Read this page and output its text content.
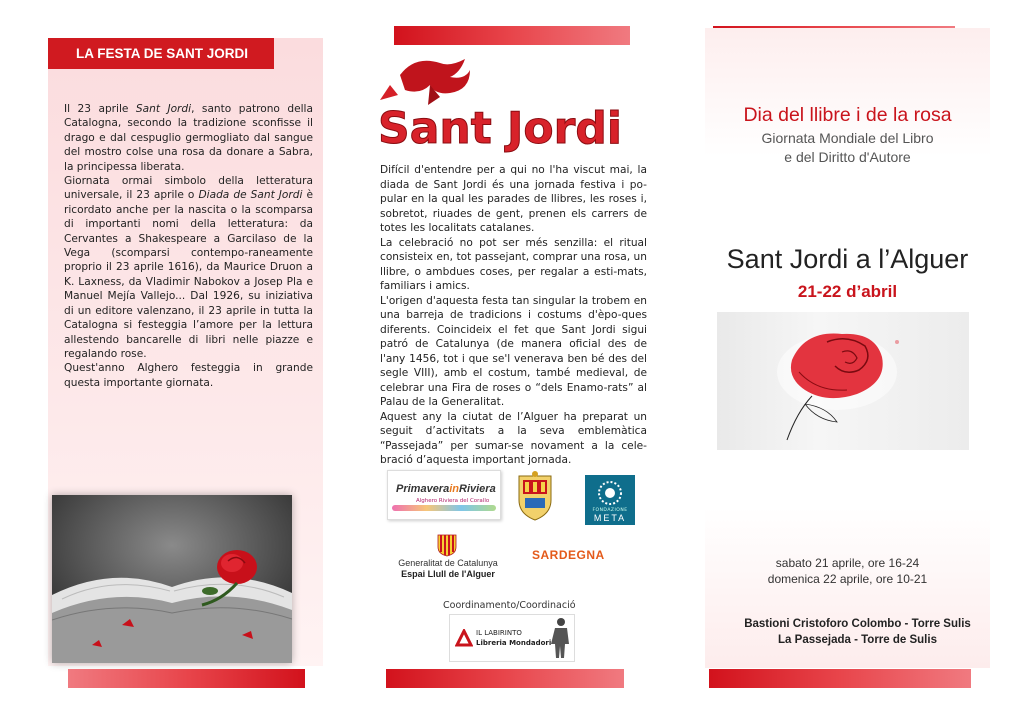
LA FESTA DE SANT JORDI

Il 23 aprile Sant Jordi, santo patrono della Catalogna, secondo la tradizione sconfisse il drago e dal cespuglio germogliato dal sangue del mostro colse una rosa da donare a Sabra, la principessa liberata.

Giornata ormai simbolo della letteratura universale, il 23 aprile o Diada de Sant Jordi è ricordato anche per la nascita o la scomparsa di importanti nomi della letteratura: da Cervantes a Shakespeare a Garcilaso de la Vega (scomparsi contempo-raneamente proprio il 23 aprile 1616), da Maurice Druon a K. Laxness, da Vladimir Nabokov a Josep Pla e Manuel Mejía Vallejo... Dal 1926, su iniziativa di un editore valenzano, il 23 aprile in tutta la Catalogna si festeggia l’amore per la lettura allestendo bancarelle di libri nelle piazze e regalando rose.

Quest'anno Alghero festeggia in grande questa importante giornata.

Sant Jordi

Difícil d'entendre per a qui no l'ha viscut mai, la diada de Sant Jordi és una jornada festiva i po-pular en la qual les parades de llibres, les roses i, sobretot, riuades de gent, prenen els carrers de totes les localitats catalanes.

La celebració no pot ser més senzilla: el ritual consisteix en, tot passejant, comprar una rosa, un llibre, o ambdues coses, per regalar a esti-mats, familiars i amics.

L'origen d'aquesta festa tan singular la trobem en una barreja de tradicions i costums d'èpo-ques diferents. Coincideix el fet que Sant Jordi sigui patró de Catalunya (de manera oficial des de l'any 1456, tot i que se'l venerava ben bé des del segle VIII), amb el costum, també medieval, de celebrar una Fira de roses o “dels Enamo-rats” al Palau de la Generalitat.

Aquest any la ciutat de l’Alguer ha preparat un seguit d’activitats a la seva emblemàtica “Passejada” per sumar-se novament a la cele-bració d’aquesta important jornada.

PrimaverainRiviera
Alghero Riviera del Corallo
FONDAZIONE
META
Generalitat de Catalunya
Espai Llull de l'Alguer
SARDEGNA
Coordinamento/Coordinació
IL LABIRINTO
Libreria Mondadori
Dia del llibre i de la rosa
Giornata Mondiale del Libro
e del Diritto d'Autore
Sant Jordi a l’Alguer
21-22 d’abril
sabato 21 aprile, ore 16-24
domenica 22 aprile, ore 10-21
Bastioni Cristoforo Colombo - Torre Sulis
La Passejada - Torre de Sulis
